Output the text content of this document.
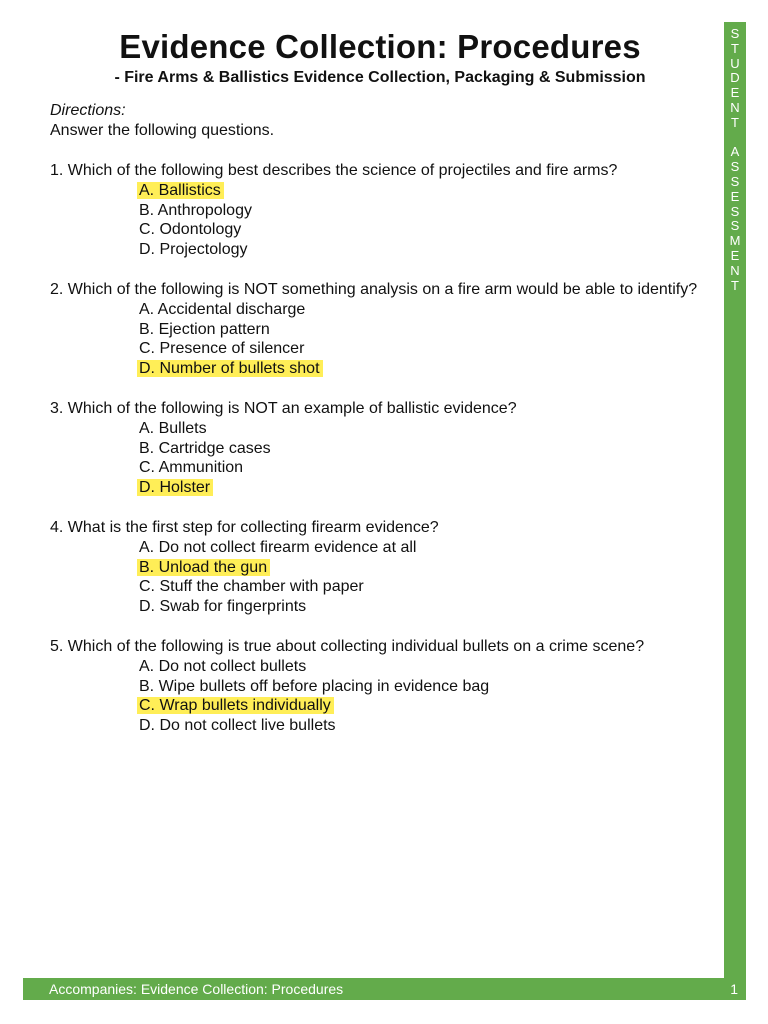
Evidence Collection: Procedures
- Fire Arms & Ballistics Evidence Collection, Packaging & Submission
Directions:
Answer the following questions.
1. Which of the following best describes the science of projectiles and fire arms?
A. Ballistics
B. Anthropology
C. Odontology
D. Projectology
2. Which of the following is NOT something analysis on a fire arm would be able to identify?
A. Accidental discharge
B. Ejection pattern
C. Presence of silencer
D. Number of bullets shot
3. Which of the following is NOT an example of ballistic evidence?
A. Bullets
B. Cartridge cases
C. Ammunition
D. Holster
4. What is the first step for collecting firearm evidence?
A. Do not collect firearm evidence at all
B. Unload the gun
C. Stuff the chamber with paper
D. Swab for fingerprints
5. Which of the following is true about collecting individual bullets on a crime scene?
A. Do not collect bullets
B. Wipe bullets off before placing in evidence bag
C. Wrap bullets individually
D. Do not collect live bullets
S
T
U
D
E
N
T
A
S
S
E
S
S
M
E
N
T
Accompanies: Evidence Collection: Procedures	1
